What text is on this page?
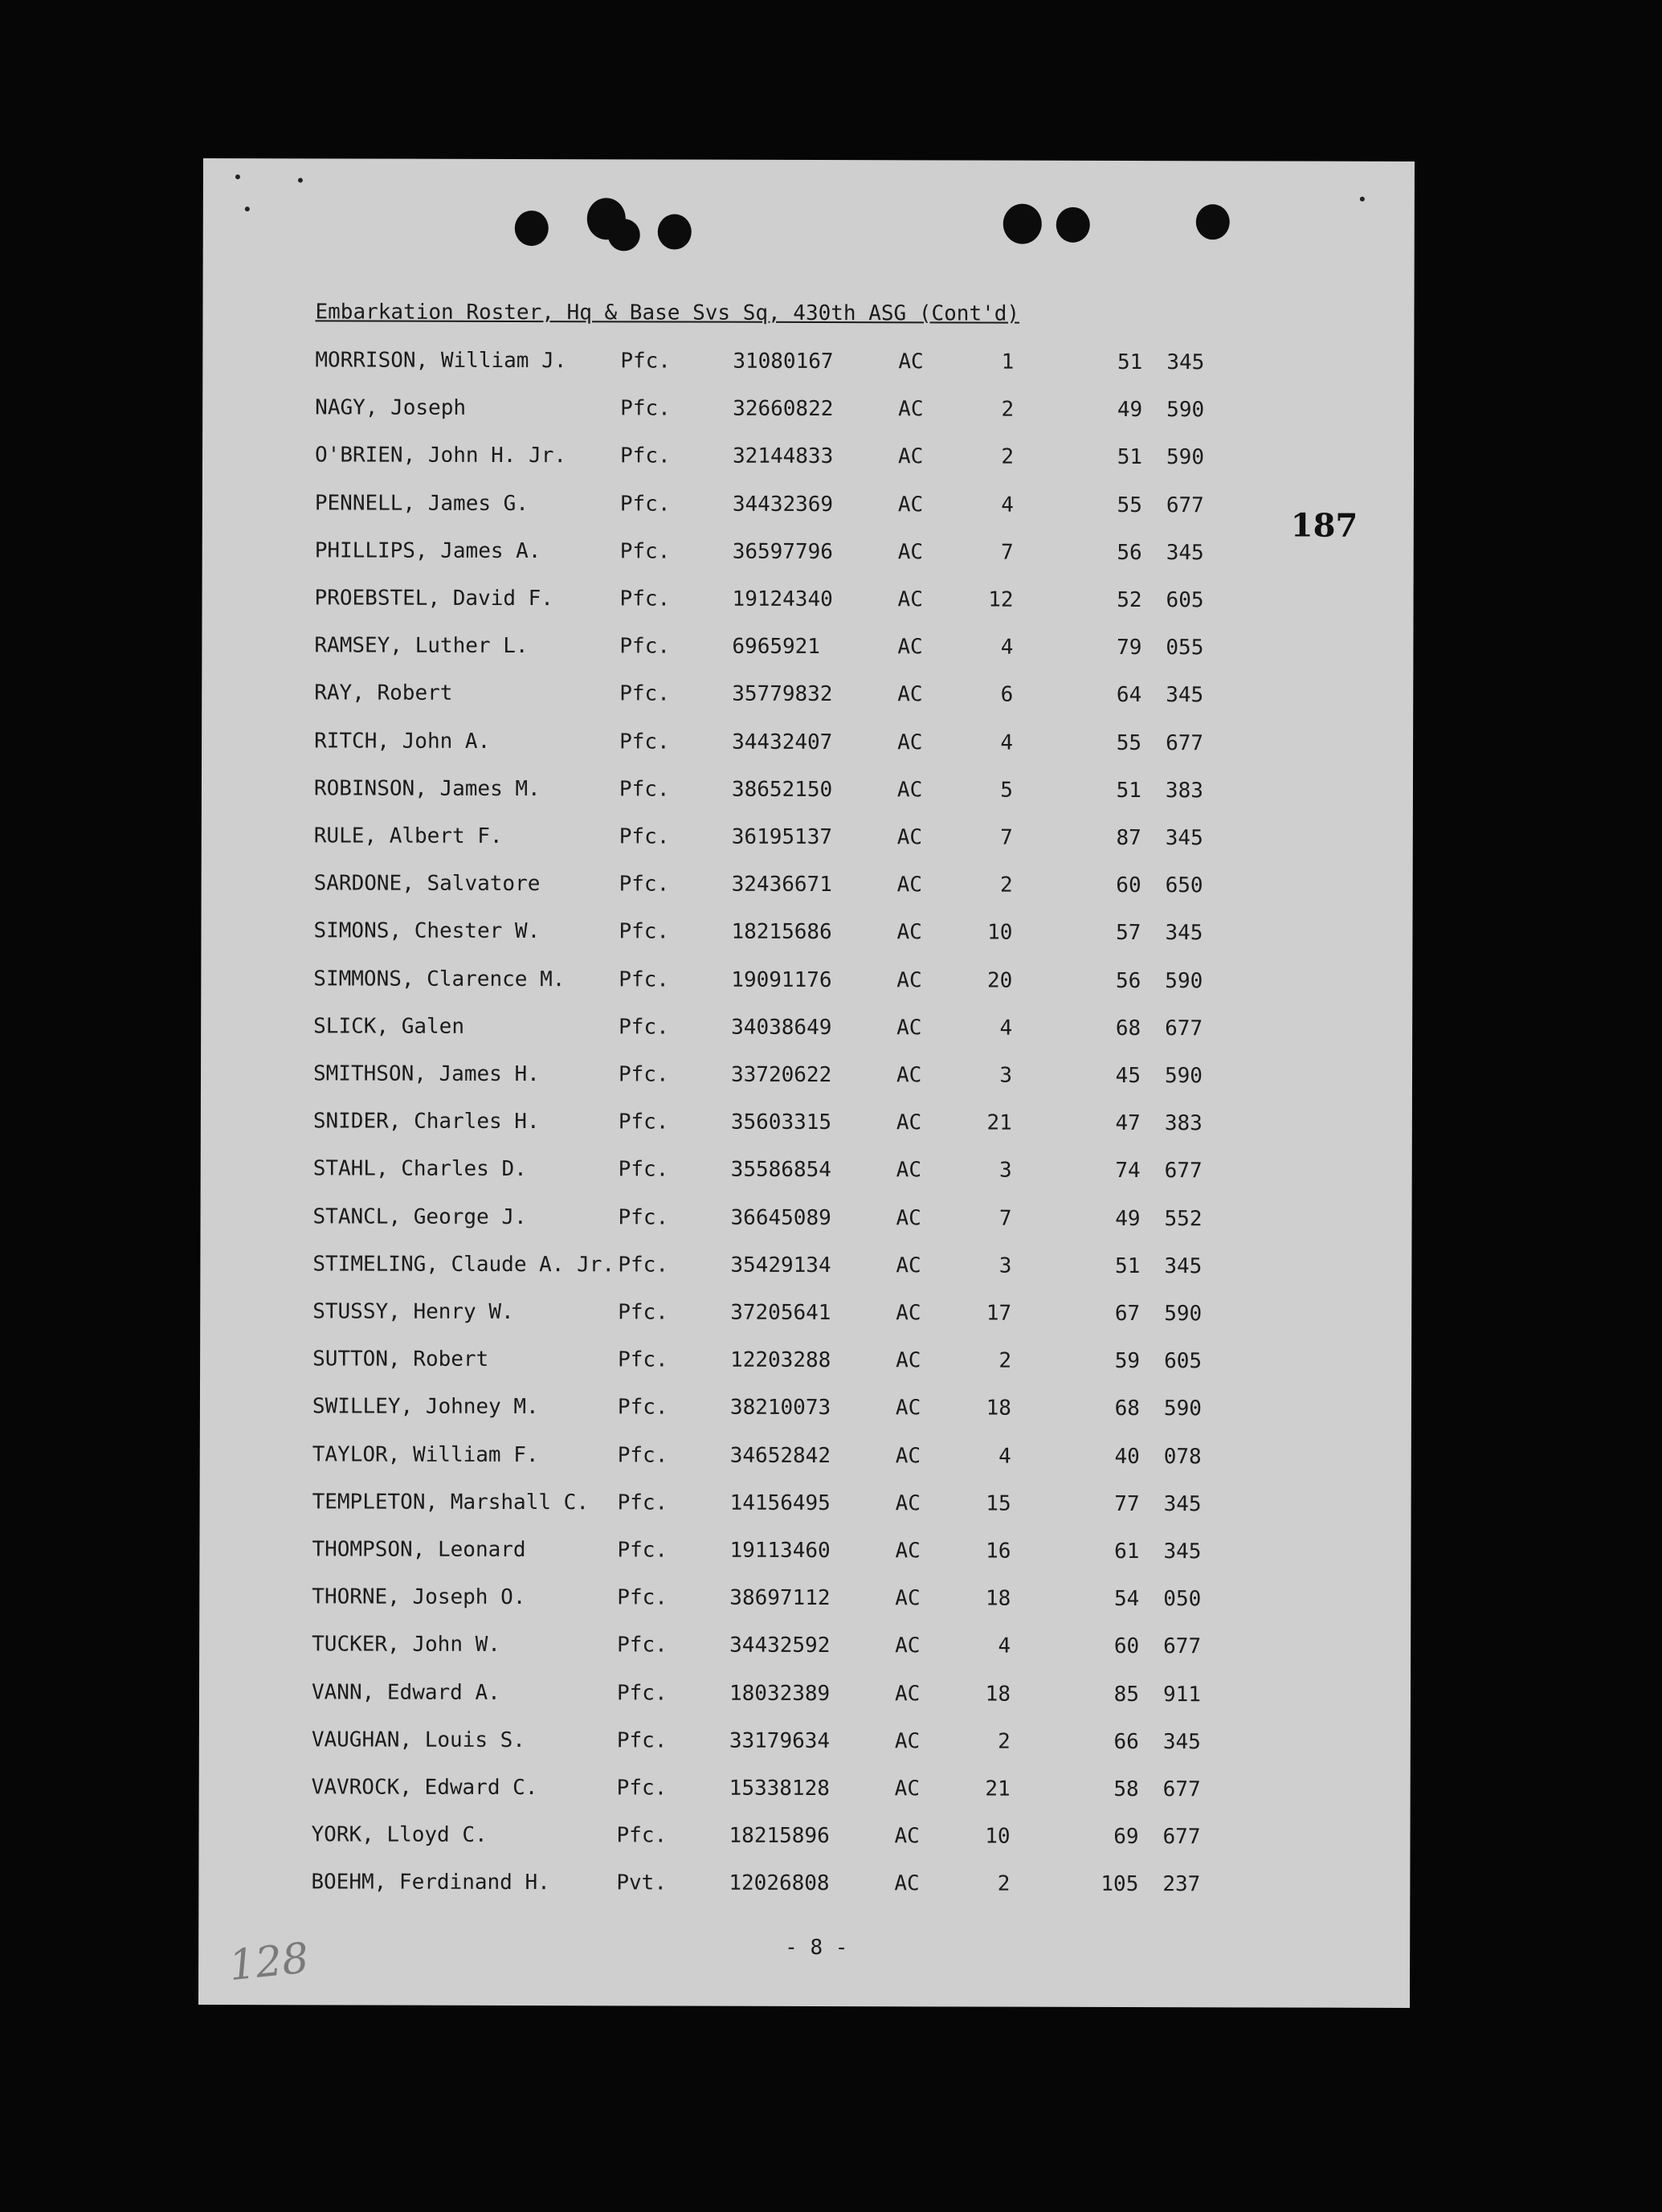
Embarkation Roster, Hq & Base Svs Sq, 430th ASG (Cont'd)
187
MORRISON, William J.	Pfc.	31080167	AC	1	51 345
NAGY, Joseph	Pfc.	32660822	AC	2	49 590
O'BRIEN, John H. Jr.	Pfc.	32144833	AC	2	51 590
PENNELL, James G.	Pfc.	34432369	AC	4	55 677
PHILLIPS, James A.	Pfc.	36597796	AC	7	56 345
PROEBSTEL, David F.	Pfc.	19124340	AC	12	52 605
RAMSEY, Luther L.	Pfc.	6965921	AC	4	79 055
RAY, Robert	Pfc.	35779832	AC	6	64 345
RITCH, John A.	Pfc.	34432407	AC	4	55 677
ROBINSON, James M.	Pfc.	38652150	AC	5	51 383
RULE, Albert F.	Pfc.	36195137	AC	7	87 345
SARDONE, Salvatore	Pfc.	32436671	AC	2	60 650
SIMONS, Chester W.	Pfc.	18215686	AC	10	57 345
SIMMONS, Clarence M.	Pfc.	19091176	AC	20	56 590
SLICK, Galen	Pfc.	34038649	AC	4	68 677
SMITHSON, James H.	Pfc.	33720622	AC	3	45 590
SNIDER, Charles H.	Pfc.	35603315	AC	21	47 383
STAHL, Charles D.	Pfc.	35586854	AC	3	74 677
STANCL, George J.	Pfc.	36645089	AC	7	49 552
STIMELING, Claude A. Jr. Pfc.	35429134	AC	3	51 345
STUSSY, Henry W.	Pfc.	37205641	AC	17	67 590
SUTTON, Robert	Pfc.	12203288	AC	2	59 605
SWILLEY, Johney M.	Pfc.	38210073	AC	18	68 590
TAYLOR, William F.	Pfc.	34652842	AC	4	40 078
TEMPLETON, Marshall C. Pfc.	14156495	AC	15	77 345
THOMPSON, Leonard	Pfc.	19113460	AC	16	61 345
THORNE, Joseph O.	Pfc.	38697112	AC	18	54 050
TUCKER, John W.	Pfc.	34432592	AC	4	60 677
VANN, Edward A.	Pfc.	18032389	AC	18	85 911
VAUGHAN, Louis S.	Pfc.	33179634	AC	2	66 345
VAVROCK, Edward C.	Pfc.	15338128	AC	21	58 677
YORK, Lloyd C.	Pfc.	18215896	AC	10	69 677
BOEHM, Ferdinand H.	Pvt.	12026808	AC	2	105 237
- 8 -
128
